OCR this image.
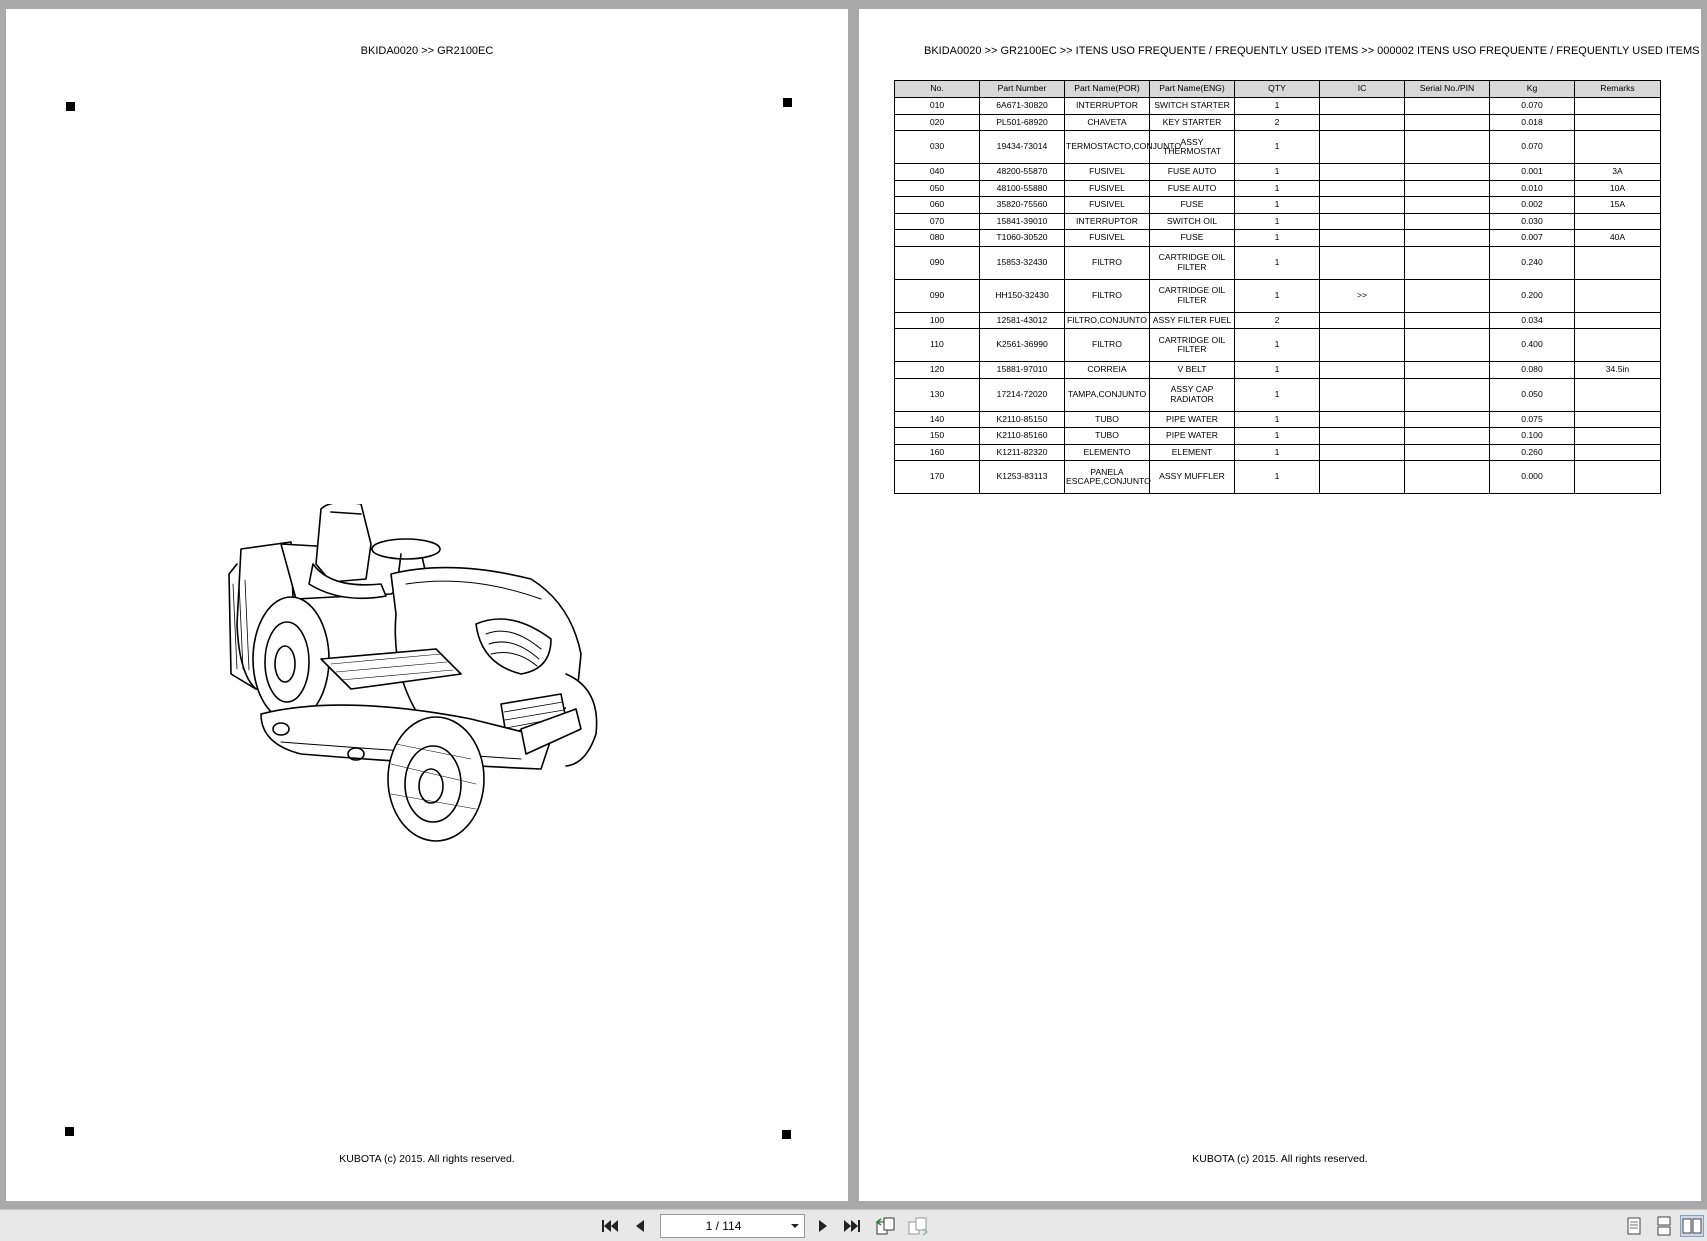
BKIDA0020 >> GR2100EC
KUBOTA (c) 2015. All rights reserved.
BKIDA0020 >> GR2100EC >> ITENS USO FREQUENTE / FREQUENTLY USED ITEMS >> 000002 ITENS USO FREQUENTE / FREQUENTLY USED ITEMS
No.	Part Number	Part Name(POR)	Part Name(ENG)	QTY	IC	Serial No./PIN	Kg	Remarks
010	6A671-30820	INTERRUPTOR	SWITCH STARTER	1			0.070	
020	PL501-68920	CHAVETA	KEY STARTER	2			0.018	
030	19434-73014	TERMOSTACTO,CONJUNTO	ASSY THERMOSTAT	1			0.070	
040	48200-55870	FUSIVEL	FUSE AUTO	1			0.001	3A
050	48100-55880	FUSIVEL	FUSE AUTO	1			0.010	10A
060	35820-75560	FUSIVEL	FUSE	1			0.002	15A
070	15841-39010	INTERRUPTOR	SWITCH OIL	1			0.030	
080	T1060-30520	FUSIVEL	FUSE	1			0.007	40A
090	15853-32430	FILTRO	CARTRIDGE OIL FILTER	1			0.240	
090	HH150-32430	FILTRO	CARTRIDGE OIL FILTER	1	>>		0.200	
100	12581-43012	FILTRO,CONJUNTO	ASSY FILTER FUEL	2			0.034	
110	K2561-36990	FILTRO	CARTRIDGE OIL FILTER	1			0.400	
120	15881-97010	CORREIA	V BELT	1			0.080	34.5in
130	17214-72020	TAMPA,CONJUNTO	ASSY CAP RADIATOR	1			0.050	
140	K2110-85150	TUBO	PIPE WATER	1			0.075	
150	K2110-85160	TUBO	PIPE WATER	1			0.100	
160	K1211-82320	ELEMENTO	ELEMENT	1			0.260	
170	K1253-83113	PANELA ESCAPE,CONJUNTO	ASSY MUFFLER	1			0.000	
KUBOTA (c) 2015. All rights reserved.
1 / 114
